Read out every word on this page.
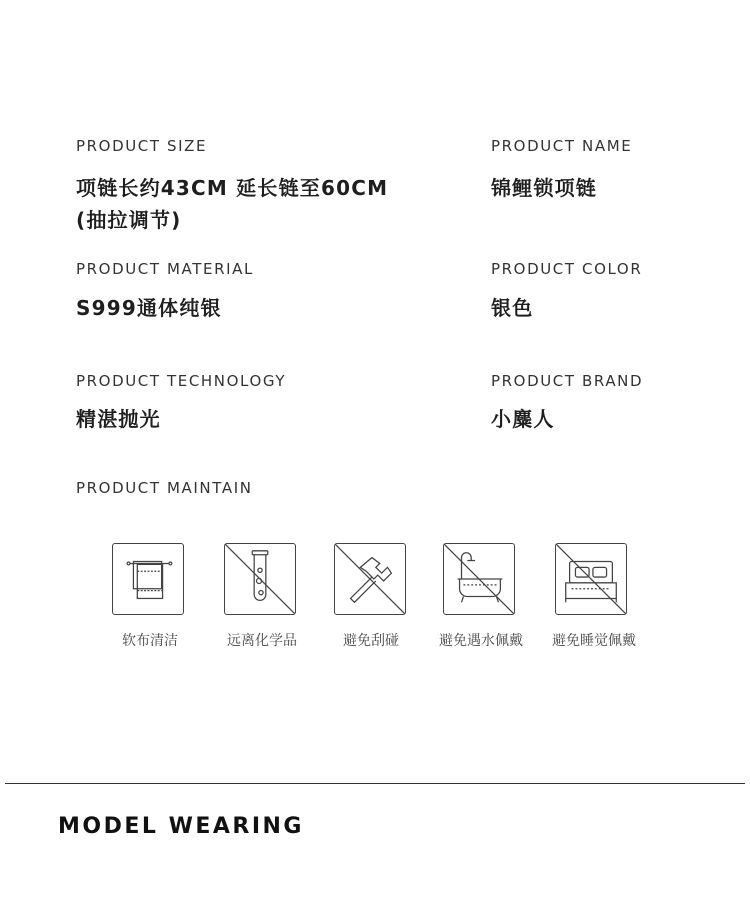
PRODUCT SIZE
项链长约43CM 延长链至60CM
(抽拉调节)
PRODUCT MATERIAL
S999通体纯银
PRODUCT TECHNOLOGY
精湛抛光
PRODUCT NAME
锦鲤锁项链
PRODUCT COLOR
银色
PRODUCT BRAND
小麋人
PRODUCT MAINTAIN
软布清洁	远离化学品	避免刮碰	避免遇水佩戴	避免睡觉佩戴
MODEL WEARING
